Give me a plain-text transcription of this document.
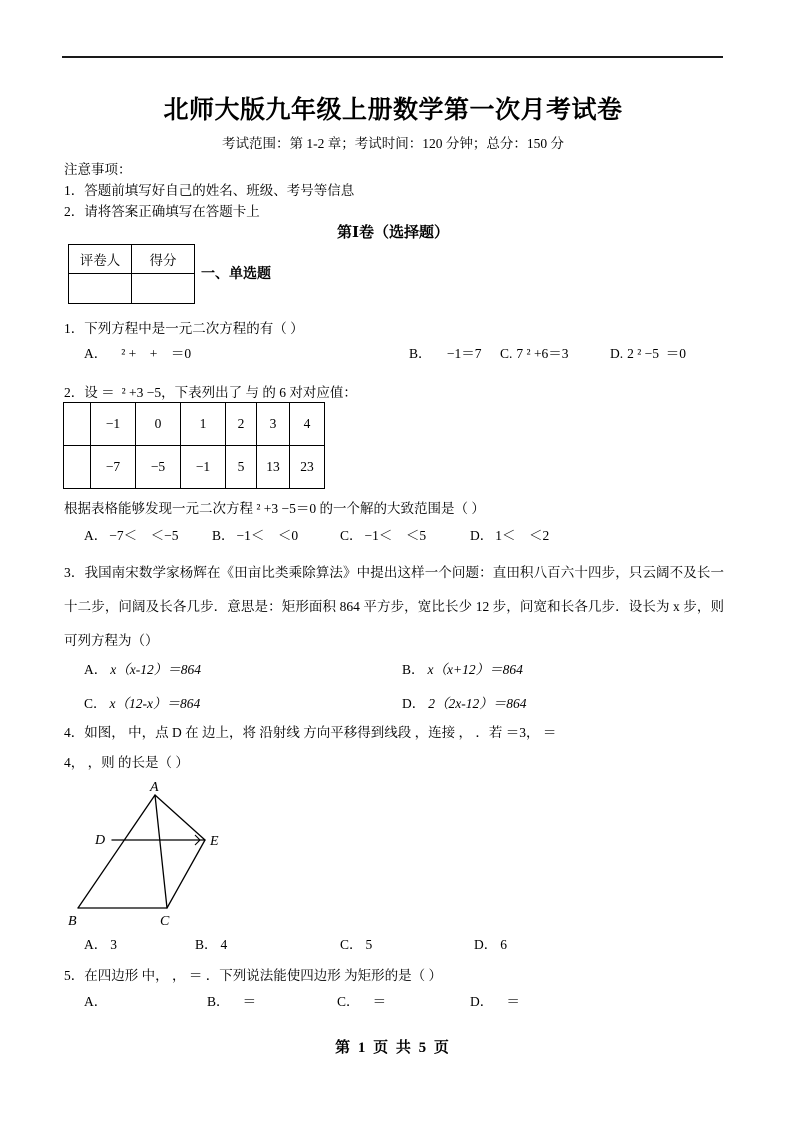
北师大版九年级上册数学第一次月考试卷
考试范围：第 1-2 章；考试时间：120 分钟；总分：150 分
注意事项：
1．答题前填写好自己的姓名、班级、考号等信息
2．请将答案正确填写在答题卡上
第Ⅰ卷（选择题）
评卷人	得分

一、单选题
1．下列方程中是一元二次方程的有（ ）
A． ² +    +    ＝0	B． −1＝7 C. 7 ² +6＝3	D. 2 ² −5  ＝0
2．设 ＝ ² +3 −5，下表列出了 与 的 6 对对应值：
	−1	0	1	2	3	4
	−7	−5	−1	5	13	23
根据表格能够发现一元二次方程 ² +3 −5＝0 的一个解的大致范围是（ ）
A． −7＜    ＜−5 B． −1＜    ＜0	C． −1＜    ＜5	D． 1＜    ＜2
3．我国南宋数学家杨辉在《田亩比类乘除算法》中提出这样一个问题：直田积八百六十四步，只云阔不及长一十二步，问阔及长各几步．意思是：矩形面积 864 平方步，宽比长少 12 步，问宽和长各几步．设长为 x 步，则可列方程为（）
A． x（x‑12）＝864	B． x（x+12）＝864
C． x（12‑x）＝864	D． 2（2x‑12）＝864
4．如图， 中，点 D 在 边上，将 沿射线 方向平移得到线段 ，连接 ， ．若 ＝3， ＝
4， ，则 的长是（ ）
A
D	E
B	C
A． 3	B． 4	C． 5	D． 6
5．在四边形 中， ， ＝ ．下列说法能使四边形 为矩形的是（ ）
A．	B．   ＝	C．   ＝	D．   ＝
第 1 页 共 5 页
